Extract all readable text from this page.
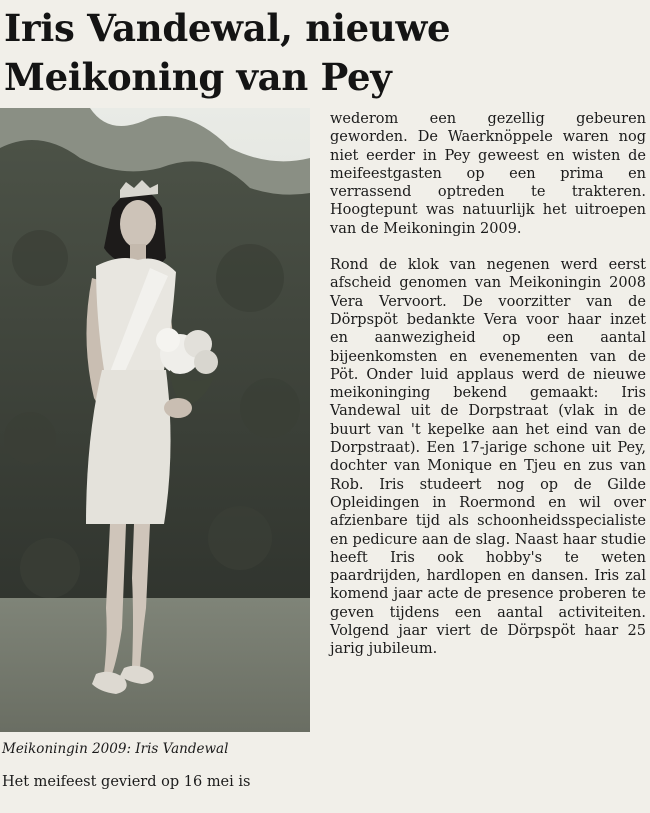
Iris Vandewal, nieuwe Meikoning van Pey
Meikoningin 2009: Iris Vandewal
Het meifeest gevierd op 16 mei is

wederom een gezellig gebeuren geworden. De Waerknöppele waren nog niet eerder in Pey geweest en wisten de meifeestgasten op een prima en verrassend optreden te trakteren. Hoogtepunt was natuurlijk het uitroepen van de Meikoningin 2009.

Rond de klok van negenen werd eerst afscheid genomen van Meikoningin 2008 Vera Vervoort. De voorzitter van de Dörpspöt bedankte Vera voor haar inzet en aanwezigheid op een aantal bijeenkomsten en evenementen van de Pöt. Onder luid applaus werd de nieuwe meikoninging bekend gemaakt: Iris Vandewal uit de Dorpstraat (vlak in de buurt van 't kepelke aan het eind van de Dorpstraat). Een 17-jarige schone uit Pey, dochter van Monique en Tjeu en zus van Rob. Iris studeert nog op de Gilde Opleidingen in Roermond en wil over afzienbare tijd als schoonheidsspecialiste en pedicure aan de slag. Naast haar studie heeft Iris ook hobby's te weten paardrijden, hardlopen en dansen. Iris zal komend jaar acte de presence proberen te geven tijdens een aantal activiteiten. Volgend jaar viert de Dörpspöt haar 25 jarig jubileum.
